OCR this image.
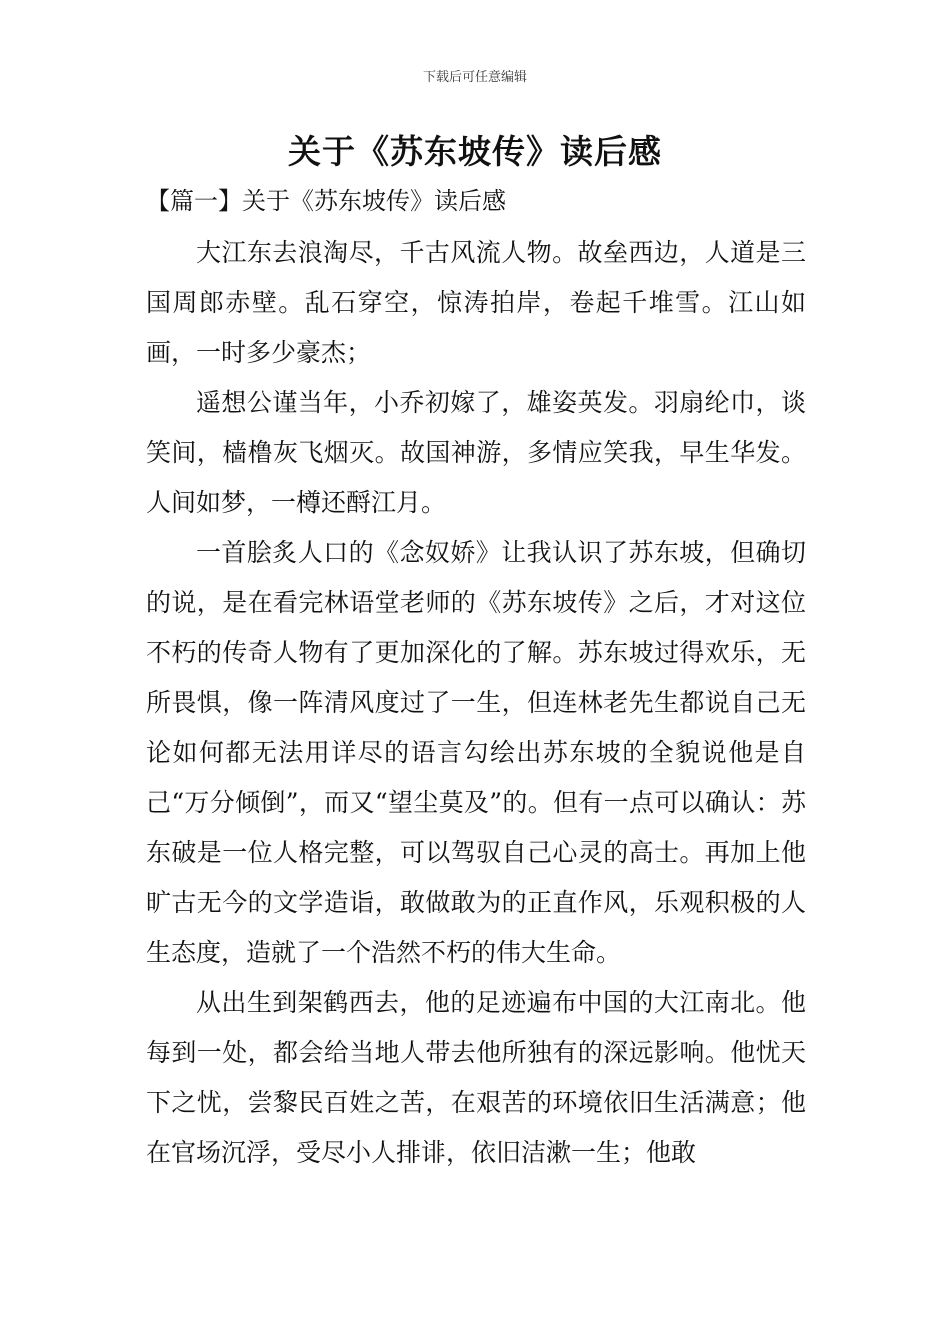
下载后可任意编辑
关于《苏东坡传》读后感
【篇一】关于《苏东坡传》读后感

大江东去浪淘尽，千古风流人物。故垒西边，人道是三国周郎赤壁。乱石穿空，惊涛拍岸，卷起千堆雪。江山如画，一时多少豪杰；

遥想公谨当年，小乔初嫁了，雄姿英发。羽扇纶巾，谈笑间，樯橹灰飞烟灭。故国神游，多情应笑我，早生华发。人间如梦，一樽还酹江月。

一首脍炙人口的《念奴娇》让我认识了苏东坡，但确切的说，是在看完林语堂老师的《苏东坡传》之后，才对这位不朽的传奇人物有了更加深化的了解。苏东坡过得欢乐，无所畏惧，像一阵清风度过了一生，但连林老先生都说自己无论如何都无法用详尽的语言勾绘出苏东坡的全貌说他是自己“万分倾倒”，而又“望尘莫及”的。但有一点可以确认：苏东破是一位人格完整，可以驾驭自己心灵的高士。再加上他旷古无今的文学造诣，敢做敢为的正直作风，乐观积极的人生态度，造就了一个浩然不朽的伟大生命。

从出生到架鹤西去，他的足迹遍布中国的大江南北。他每到一处，都会给当地人带去他所独有的深远影响。他忧天下之忧，尝黎民百姓之苦，在艰苦的环境依旧生活满意；他在官场沉浮，受尽小人排诽，依旧洁漱一生；他敢
